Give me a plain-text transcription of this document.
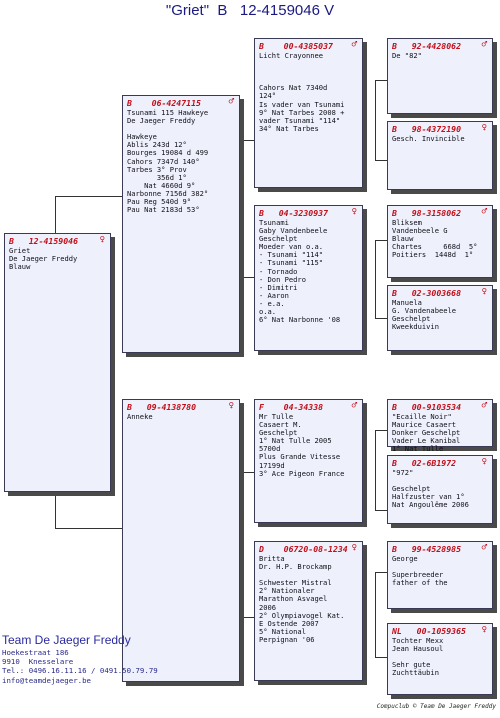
"Griet"  B   12-4159046 V
B   12-4159046 ♀
Griet
De Jaeger Freddy
Blauw
B    06-4247115	♂
Tsunami 115 Hawkeye
De Jaeger Freddy

Hawkeye
Ablis 243d 12°
Bourges 19084 d 499
Cahors 7347d 140°
Tarbes 3° Prov
356d 1°
Nat 4660d 9°
Narbonne 7156d 382°
Pau Reg 540d 9°
Pau Nat 2183d 53°
B   09-4138780	♀
Anneke
B    00-4385037 ♂
Licht Crayonnee

Cahors Nat 7340d
124°
Is vader van Tsunami
9° Nat Tarbes 2008 +
vader Tsunami "114"
34° Nat Tarbes
B   04-3230937	♀
Tsunami
Gaby Vandenbeele
Geschelpt
Moeder van o.a.
- Tsunami "114"
- Tsunami "115"
- Tornado
- Don Pedro
- Dimitri
- Aaron
- e.a.
o.a.
6° Nat Narbonne '08
F    04-34338	♂
Mr Tulle
Casaert M.
Geschelpt
1° Nat Tulle 2005
5700d
Plus Grande Vitesse
17199d
3° Ace Pigeon France
D    06720-08-1234 ♀
Britta
Dr. H.P. Brockamp

Schwester Mistral
2° Nationaler
Marathon Asvagel
2006
2° Olympiavogel Kat.
E Ostende 2007
5° National
Perpignan '06
B   92-4428062 ♂
De "82"
B   98-4372190 ♀
Gesch. Invincible
B   98-3158062 ♂
Bliksem
Vandenbeele G
Blauw
Chartes     668d  5°
Poitiers  1448d  1°
B   02-3003668 ♀
Manuela
G. Vandenabeele
Geschelpt
Kweekduivin
B   00-9103534 ♂
"Ecaille Noir"
Maurice Casaert
Donker Geschelpt
Vader Le Kanibal
1° Nat Tulle
B   02-6B1972	♀
"972"

Geschelpt
Halfzuster van 1°
Nat Angoulême 2006
B   99-4528985 ♂
George

Superbreeder
father of the
NL   00-1059365 ♀
Tochter Mexx
Jean Hausoul

Sehr gute
Zuchttäubin
Team De Jaeger Freddy
Hoekestraat 186
9910  Knesselare
Tel.: 0496.16.11.16 / 0491.50.79.79
info@teamdejaeger.be
Compuclub © Team De Jaeger Freddy
